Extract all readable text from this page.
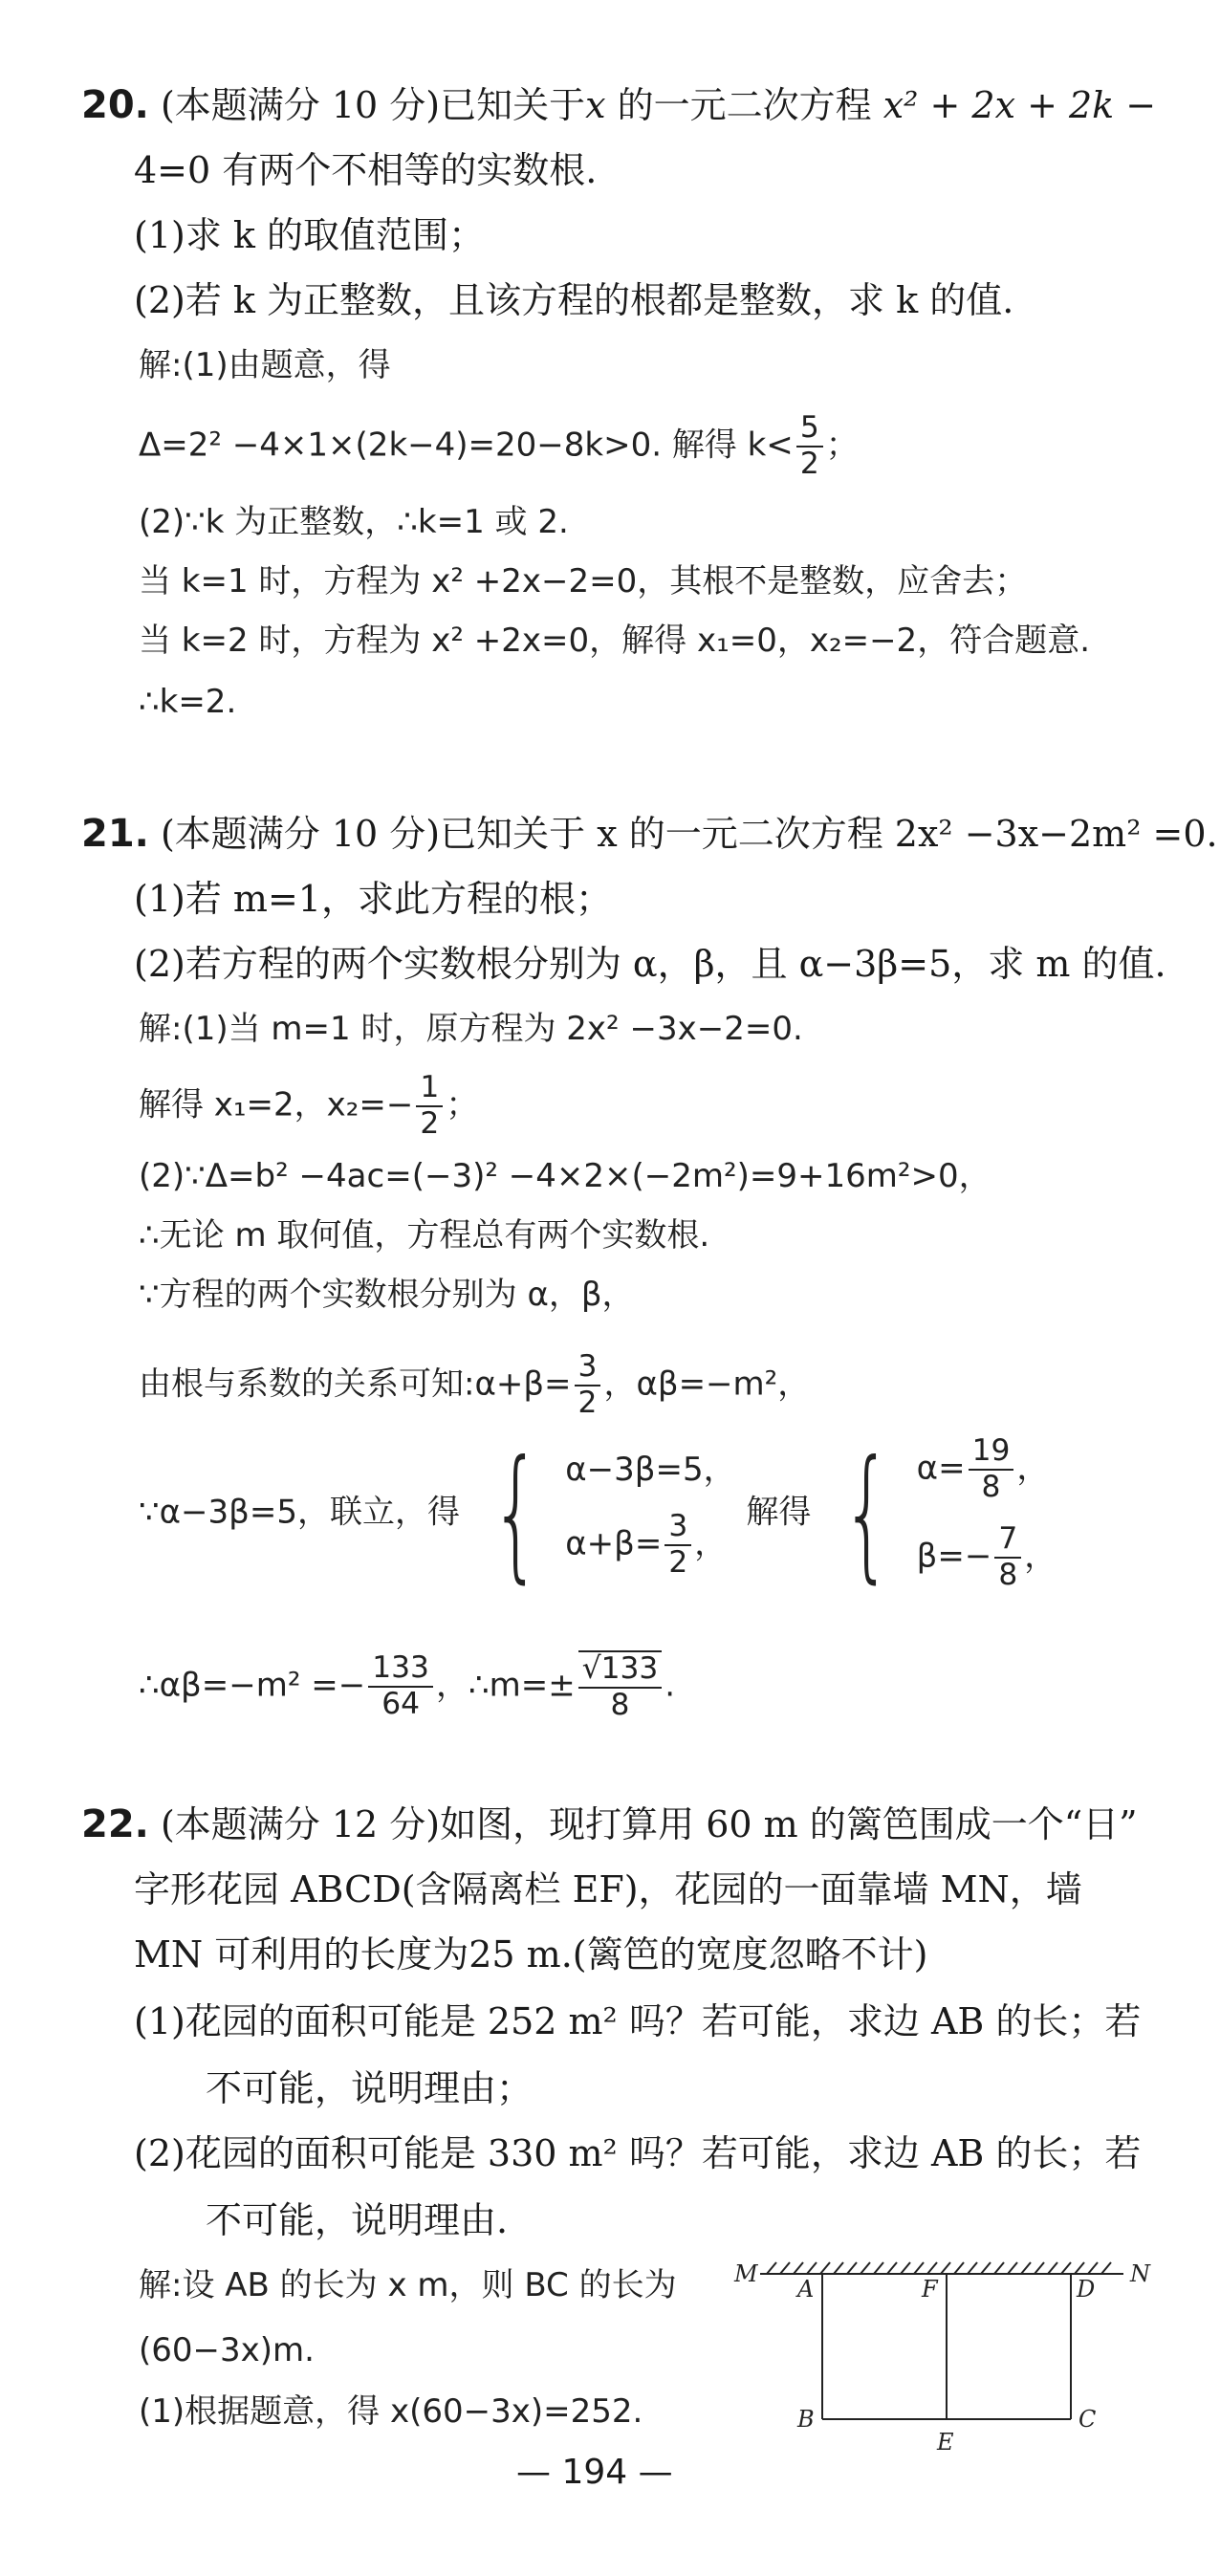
20. (本题满分 10 分)已知关于x 的一元二次方程 x² + 2x + 2k −
4=0 有两个不相等的实数根.
(1)求 k 的取值范围；
(2)若 k 为正整数，且该方程的根都是整数，求 k 的值.
解:(1)由题意，得
Δ=2² −4×1×(2k−4)=20−8k>0. 解得 $k< \frac{5}{2}$ ；
(2)∵k 为正整数，∴k=1 或 2.
当 k=1 时，方程为 x² +2x−2=0，其根不是整数，应舍去；
当 k=2 时，方程为 x² +2x=0，解得 x₁=0，x₂=−2，符合题意.
∴k=2.
21. (本题满分 10 分)已知关于 x 的一元二次方程 2x² −3x−2m² =0.
(1)若 m=1，求此方程的根；
(2)若方程的两个实数根分别为 α，β，且 α−3β=5，求 m 的值.
解:(1)当 m=1 时，原方程为 2x² −3x−2=0.
解得 x₁=2，$x_2=- \frac{1}{2}$ ；
(2)∵Δ=b² −4ac=(−3)² −4×2×(−2m²)=9+16m²>0，
∴无论 m 取何值，方程总有两个实数根.
∵方程的两个实数根分别为 α，β，
由根与系数的关系可知:α+β= $\frac{3}{2}$ ，αβ=−m²，
∵α−3β=5，联立，得 { α−3β=5，
$\alpha+\beta= \frac{3}{2}$ ，
解得 { $\alpha= \frac{19}{8}$ ，
$\beta=- \frac{7}{8}$ ，
∴αβ=−m² =− $\frac{133}{64}$ ，∴m=± $\frac{√133}{8}$ .
22. (本题满分 12 分)如图，现打算用 60 m 的篱笆围成一个“日”
字形花园 ABCD(含隔离栏 EF)，花园的一面靠墙 MN，墙
MN 可利用的长度为25 m.(篱笆的宽度忽略不计)
(1)花园的面积可能是 252 m² 吗？若可能，求边 AB 的长；若
不可能，说明理由；
(2)花园的面积可能是 330 m² 吗？若可能，求边 AB 的长；若
不可能，说明理由.
解:设 AB 的长为 x m，则 BC 的长为
(60−3x)m.
(1)根据题意，得 x(60−3x)=252.
M	N
A	F	D
B
E
C
— 194 —
